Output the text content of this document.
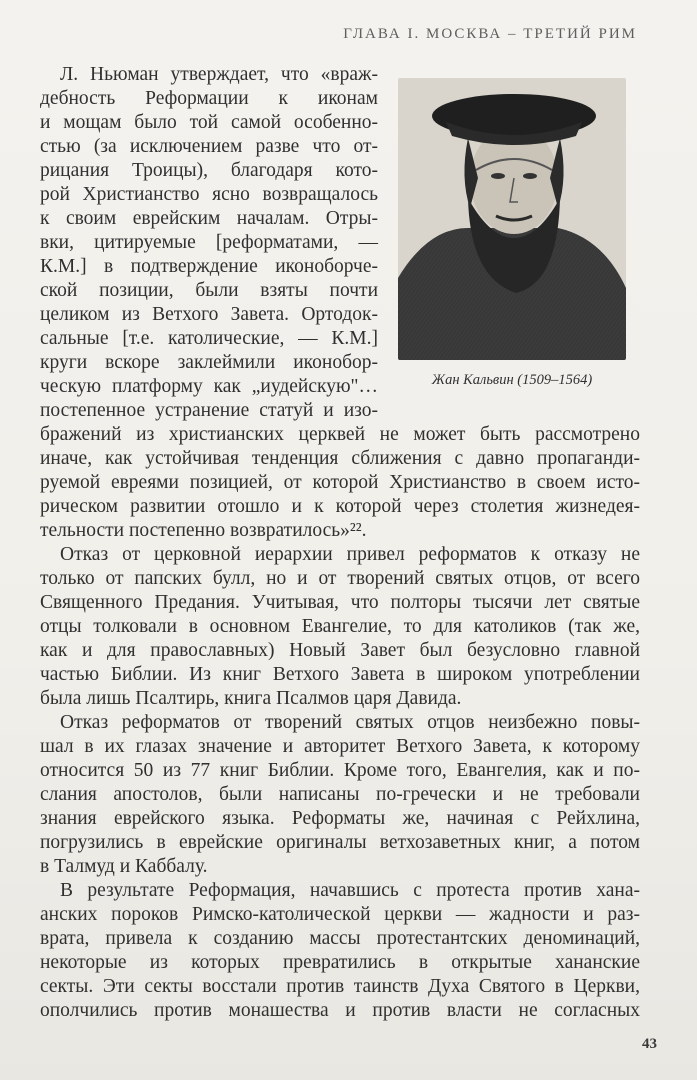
ГЛАВА I. МОСКВА – ТРЕТИЙ РИМ
Жан Кальвин (1509–1564)
Л. Ньюман утверждает, что «враж-
дебность Реформации к иконам
и мощам было той самой особенно-
стью (за исключением разве что от-
рицания Троицы), благодаря кото-
рой Христианство ясно возвращалось
к своим еврейским началам. Отры-
вки, цитируемые [реформатами, —
К.М.] в подтверждение иконоборче-
ской позиции, были взяты почти
целиком из Ветхого Завета. Ортодок-
сальные [т.е. католические, — К.М.]
круги вскоре заклеймили иконобор-
ческую платформу как „иудейскую"…
постепенное устранение статуй и изо-
бражений из христианских церквей не может быть рассмотрено
иначе, как устойчивая тенденция сближения с давно пропаганди-
руемой евреями позицией, от которой Христианство в своем исто-
рическом развитии отошло и к которой через столетия жизнедея-
тельности постепенно возвратилось»²².
Отказ от церковной иерархии привел реформатов к отказу не
только от папских булл, но и от творений святых отцов, от всего
Священного Предания. Учитывая, что полторы тысячи лет святые
отцы толковали в основном Евангелие, то для католиков (так же,
как и для православных) Новый Завет был безусловно главной
частью Библии. Из книг Ветхого Завета в широком употреблении
была лишь Псалтирь, книга Псалмов царя Давида.
Отказ реформатов от творений святых отцов неизбежно повы-
шал в их глазах значение и авторитет Ветхого Завета, к которому
относится 50 из 77 книг Библии. Кроме того, Евангелия, как и по-
слания апостолов, были написаны по-гречески и не требовали
знания еврейского языка. Реформаты же, начиная с Рейхлина,
погрузились в еврейские оригиналы ветхозаветных книг, а потом
в Талмуд и Каббалу.
В результате Реформация, начавшись с протеста против хана-
анских пороков Римско-католической церкви — жадности и раз-
врата, привела к созданию массы протестантских деноминаций,
некоторые из которых превратились в открытые хананские
секты. Эти секты восстали против таинств Духа Святого в Церкви,
ополчились против монашества и против власти не согласных
43
